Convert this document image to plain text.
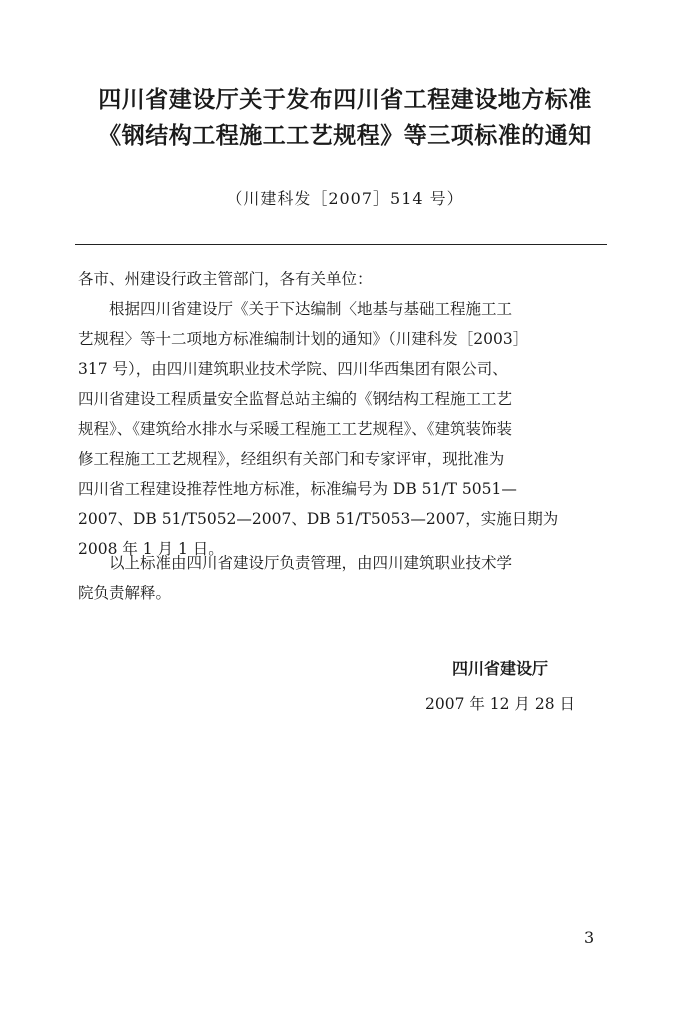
四川省建设厅关于发布四川省工程建设地方标准
《钢结构工程施工工艺规程》等三项标准的通知
（川建科发［2007］514 号）
各市、州建设行政主管部门，各有关单位：

根据四川省建设厅《关于下达编制〈地基与基础工程施工工
艺规程〉等十二项地方标准编制计划的通知》（川建科发［2003］
317 号），由四川建筑职业技术学院、四川华西集团有限公司、
四川省建设工程质量安全监督总站主编的《钢结构工程施工工艺
规程》、《建筑给水排水与采暖工程施工工艺规程》、《建筑装饰装
修工程施工工艺规程》，经组织有关部门和专家评审，现批准为
四川省工程建设推荐性地方标准，标准编号为 DB 51/T 5051—
2007、DB 51/T5052—2007、DB 51/T5053—2007，实施日期为
2008 年 1 月 1 日。

以上标准由四川省建设厅负责管理，由四川建筑职业技术学
院负责解释。

四川省建设厅
2007 年 12 月 28 日
3
